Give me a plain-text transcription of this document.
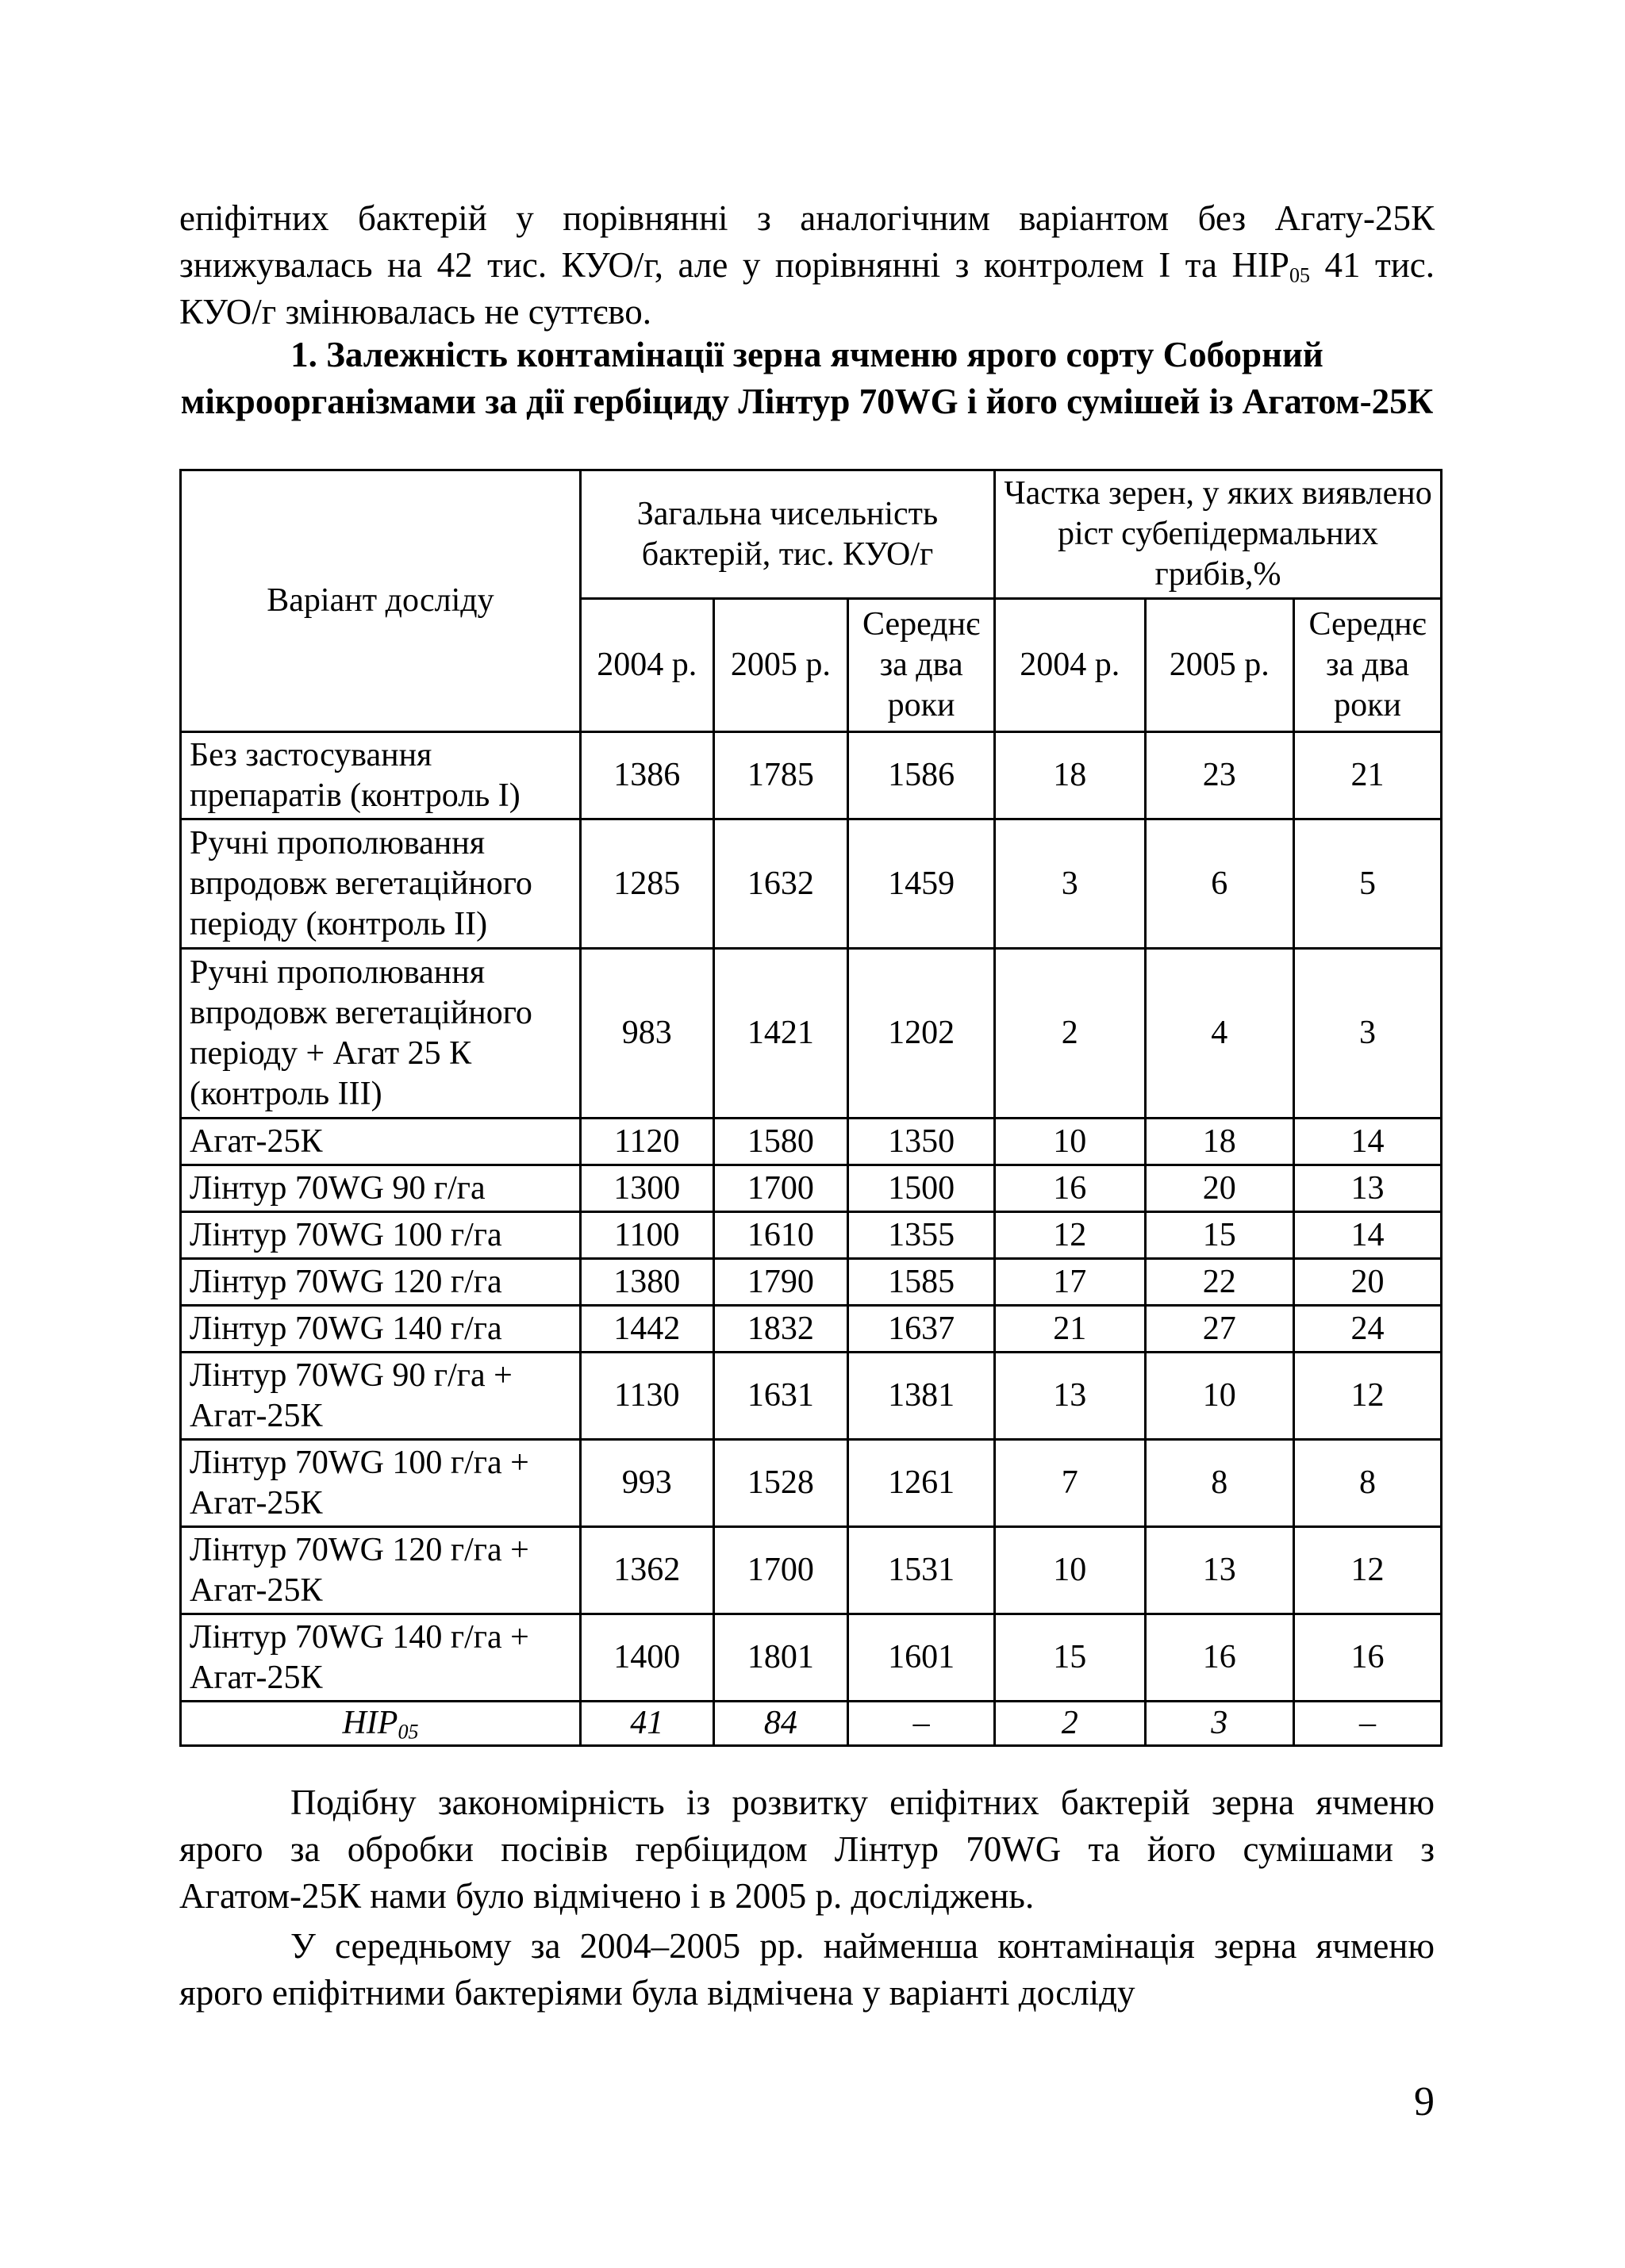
епіфітних бактерій у порівнянні з аналогічним варіантом без Агату-25К знижувалась на 42 тис. КУО/г, але у порівнянні з контролем І та $НІР_{05}$ 41 тис. КУО/г змінювалась не суттєво.

1. Залежність контамінації зерна ячменю ярого сорту Соборний мікроорганізмами за дії гербіциду Лінтур 70WG і його сумішей із Агатом-25К

Варіант досліду	Загальна чисельність бактерій, тис. КУО/г			Частка зерен, у яких виявлено ріст субепідермальних грибів,%		
	2004 р.	2005 р.	Середнє за два роки	2004 р.	2005 р.	Середнє за два роки
Без застосування препаратів (контроль І)	1386	1785	1586	18	23	21
Ручні прополювання впродовж вегетаційного періоду (контроль ІІ)	1285	1632	1459	3	6	5
Ручні прополювання впродовж вегетаційного періоду + Агат 25 К (контроль ІІІ)	983	1421	1202	2	4	3
Агат-25К	1120	1580	1350	10	18	14
Лінтур 70WG 90 г/га	1300	1700	1500	16	20	13
Лінтур 70WG 100 г/га	1100	1610	1355	12	15	14
Лінтур 70WG 120 г/га	1380	1790	1585	17	22	20
Лінтур 70WG 140 г/га	1442	1832	1637	21	27	24
Лінтур 70WG 90 г/га + Агат-25К	1130	1631	1381	13	10	12
Лінтур 70WG 100 г/га + Агат-25К	993	1528	1261	7	8	8
Лінтур 70WG 120 г/га + Агат-25К	1362	1700	1531	10	13	12
Лінтур 70WG 140 г/га + Агат-25К	1400	1801	1601	15	16	16
$НІР_{05}$	41	84	–	2	3	–

Подібну закономірність із розвитку епіфітних бактерій зерна ячменю ярого за обробки посівів гербіцидом Лінтур 70WG та його сумішами з Агатом-25К нами було відмічено і в 2005 р. досліджень.

У середньому за 2004–2005 рр. найменша контамінація зерна ячменю ярого епіфітними бактеріями була відмічена у варіанті досліду

9
